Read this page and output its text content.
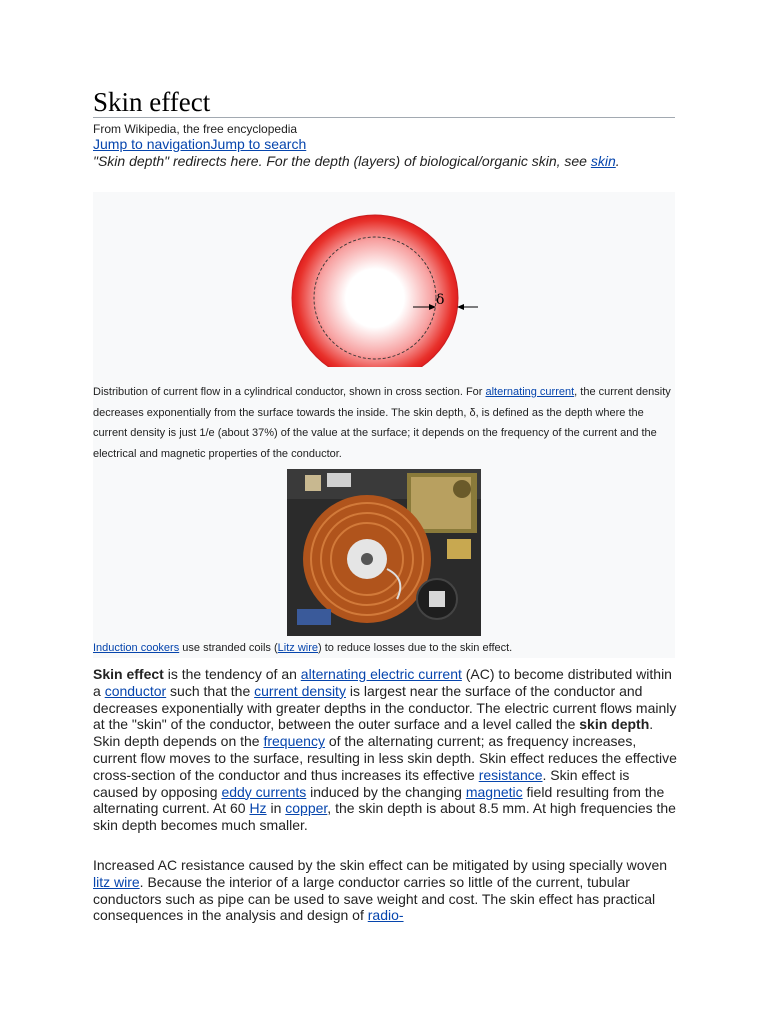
Skin effect
From Wikipedia, the free encyclopedia
Jump to navigationJump to search
"Skin depth" redirects here. For the depth (layers) of biological/organic skin, see skin.
δ
Distribution of current flow in a cylindrical conductor, shown in cross section. For alternating current, the current density decreases exponentially from the surface towards the inside. The skin depth, δ, is defined as the depth where the current density is just 1/e (about 37%) of the value at the surface; it depends on the frequency of the current and the electrical and magnetic properties of the conductor.
Induction cookers use stranded coils (Litz wire) to reduce losses due to the skin effect.
Skin effect is the tendency of an alternating electric current (AC) to become distributed within a conductor such that the current density is largest near the surface of the conductor and decreases exponentially with greater depths in the conductor. The electric current flows mainly at the "skin" of the conductor, between the outer surface and a level called the skin depth. Skin depth depends on the frequency of the alternating current; as frequency increases, current flow moves to the surface, resulting in less skin depth. Skin effect reduces the effective cross-section of the conductor and thus increases its effective resistance. Skin effect is caused by opposing eddy currents induced by the changing magnetic field resulting from the alternating current. At 60 Hz in copper, the skin depth is about 8.5 mm. At high frequencies the skin depth becomes much smaller.
Increased AC resistance caused by the skin effect can be mitigated by using specially woven litz wire. Because the interior of a large conductor carries so little of the current, tubular conductors such as pipe can be used to save weight and cost. The skin effect has practical consequences in the analysis and design of radio-
